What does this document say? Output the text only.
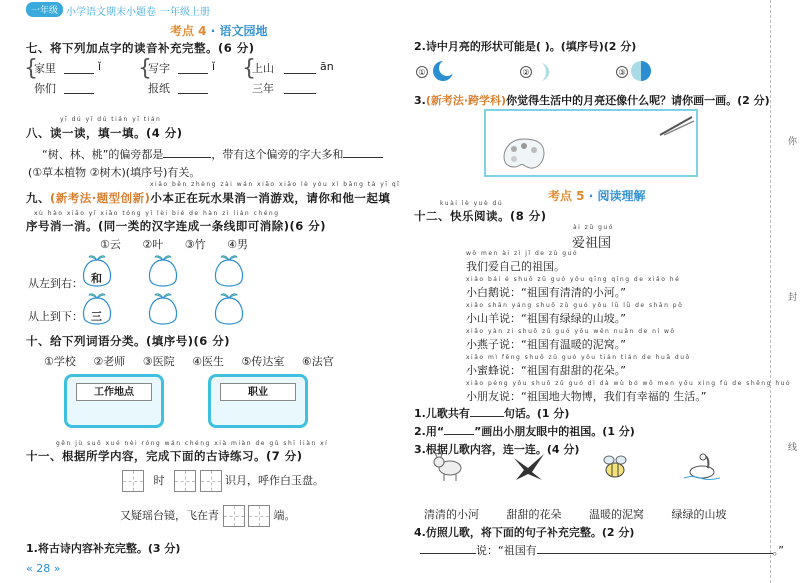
一年级 小学语文期末小题卷 一年级上册
考点 4 · 语文园地
七、将下列加点字的读音补充完整。(6 分)
{
家里
你们
ǐ {
写字
报纸
ǐ {
上山
三年
ān
yī dú yī dú tián yī tián
八、读一读，填一填。(4 分)
“树、林、桃”的偏旁都是	，带有这个偏旁的字大多和
(①草本植物 ②树木)(填序号)有关。
xiǎo běn zhèng zài wán xiāo xiāo lè yóu xì bāng tā yī qǐ
九、(新考法·题型创新)小本正在玩水果消一消游戏，请你和他一起填
xù hào xiāo yī xiāo tóng yī lèi bié de hàn zì lián chéng
序号消一消。(同一类的汉字连成一条线即可消除)(6 分)
①云 ②叶 ③竹 ④男
从左到右：
从上到下：
和
三
十、给下列词语分类。(填序号)(6 分)
①学校 ②老师 ③医院 ④医生 ⑤传达室 ⑥法官
工作地点	职业
gēn jù suǒ xué nèi róng wán chéng xià miàn de gǔ shī liàn xí
十一、根据所学内容，完成下面的古诗练习。(7 分)
时	识月，呼作白玉盘。
又疑瑶台镜，飞在青	端。
1.将古诗内容补充完整。(3 分)
« 28 »
2.诗中月亮的形状可能是( )。(填序号)(2 分)
①	②	③
3.(新考法·跨学科)你觉得生活中的月亮还像什么呢？请你画一画。(2 分)
考点 5 · 阅读理解
kuài lè yuè dú
十二、快乐阅读。(8 分)
ài zǔ guó
爱祖国
wǒ men ài zì jǐ de zǔ guó
我们爱自己的祖国。
xiǎo bái é shuō zǔ guó yǒu qīng qīng de xiǎo hé
小白鹅说：“祖国有清清的小河。”
xiǎo shān yáng shuō zǔ guó yǒu lǜ lǜ de shān pō
小山羊说：“祖国有绿绿的山坡。”
xiǎo yàn zi shuō zǔ guó yǒu wēn nuǎn de ní wō
小燕子说：“祖国有温暖的泥窝。”
xiǎo mì fēng shuō zǔ guó yǒu tián tián de huā duǒ
小蜜蜂说：“祖国有甜甜的花朵。”
xiǎo péng yǒu shuō zǔ guó dì dà wù bó wǒ men yǒu xìng fú de shēng huó
小朋友说：“祖国地大物博，我们有幸福的 生活。”
1.儿歌共有	句话。(1 分)
2.用“	”画出小朋友眼中的祖国。(1 分)
3.根据儿歌内容，连一连。(4 分)
清清的小河	甜甜的花朵	温暖的泥窝	绿绿的山坡
4.仿照儿歌，将下面的句子补充完整。(2 分)
说：“祖国有	。”
你
封
线
